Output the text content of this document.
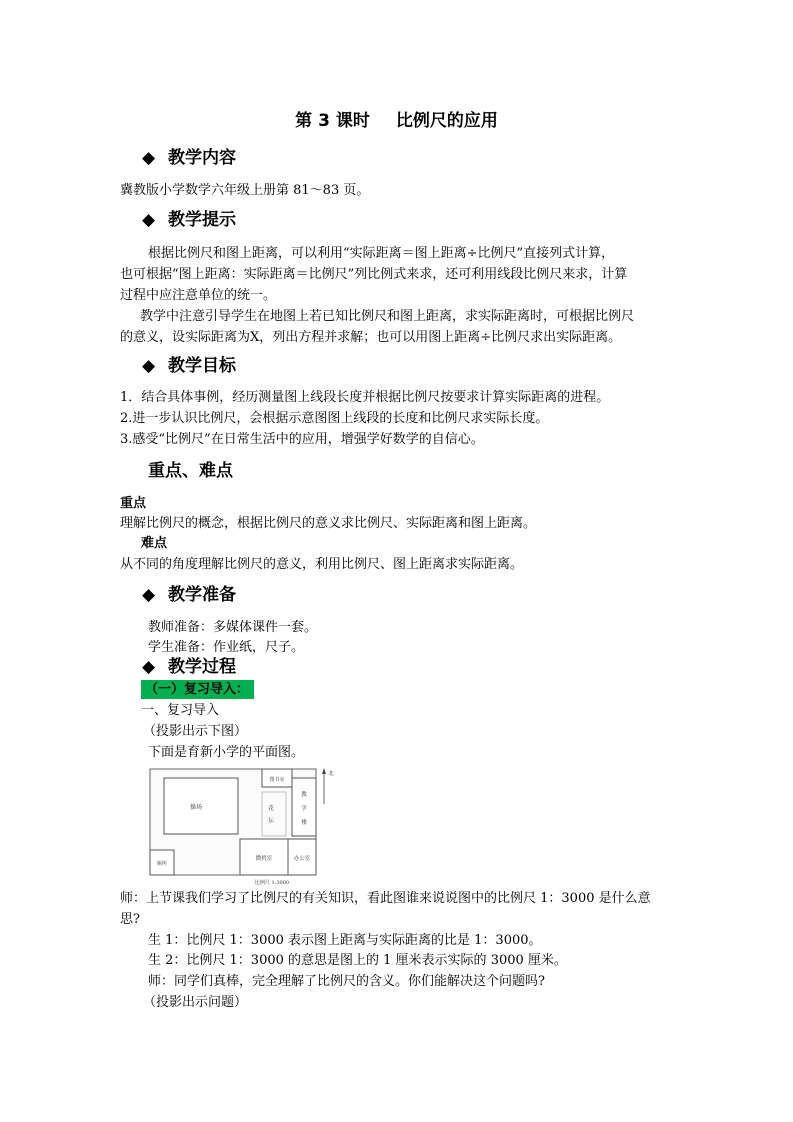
第 3 课时 比例尺的应用
◆ 教学内容
冀教版小学数学六年级上册第 81～83 页。
◆ 教学提示
根据比例尺和图上距离，可以利用“实际距离＝图上距离÷比例尺”直接列式计算，
也可根据“图上距离：实际距离＝比例尺”列比例式来求，还可利用线段比例尺来求，计算
过程中应注意单位的统一。
教学中注意引导学生在地图上若已知比例尺和图上距离，求实际距离时，可根据比例尺
的意义，设实际距离为Ⅹ，列出方程并求解；也可以用图上距离÷比例尺求出实际距离。
◆ 教学目标
1．结合具体事例，经历测量图上线段长度并根据比例尺按要求计算实际距离的进程。
2.进一步认识比例尺，会根据示意图图上线段的长度和比例尺求实际长度。
3.感受“比例尺”在日常生活中的应用，增强学好数学的自信心。
重点、难点
重点
理解比例尺的概念，根据比例尺的意义求比例尺、实际距离和图上距离。
难点
从不同的角度理解比例尺的意义，利用比例尺、图上距离求实际距离。
◆ 教学准备
教师准备：多媒体课件一套。
学生准备：作业纸，尺子。
◆ 教学过程
（一）复习导入：
一、复习导入
（投影出示下图）
下面是育新小学的平面图。
操场
图书室
教
学
楼
花
坛
微机室	办公室
厕所
北
比例尺 1:3000
师：上节课我们学习了比例尺的有关知识，看此图谁来说说图中的比例尺 1：3000 是什么意
思?
生 1：比例尺 1：3000 表示图上距离与实际距离的比是 1：3000。
生 2：比例尺 1：3000 的意思是图上的 1 厘米表示实际的 3000 厘米。
师：同学们真棒，完全理解了比例尺的含义。你们能解决这个问题吗?
（投影出示问题）
